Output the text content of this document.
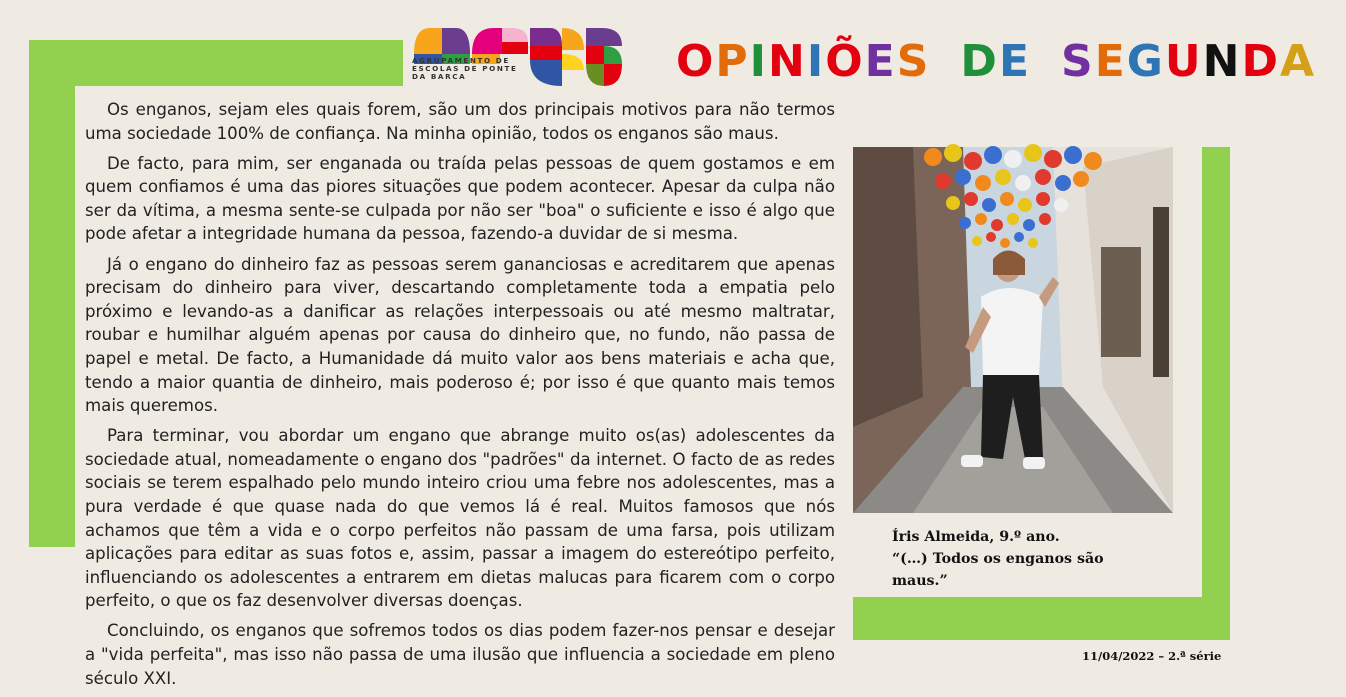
AGRUPAMENTO DE ESCOLAS DE PONTE DA BARCA	OPINIÕES DE SEGUNDA

Os enganos, sejam eles quais forem, são um dos principais motivos para não termos uma sociedade 100% de confiança. Na minha opinião, todos os enganos são maus.

De facto, para mim, ser enganada ou traída pelas pessoas de quem gostamos e em quem confiamos é uma das piores situações que podem acontecer. Apesar da culpa não ser da vítima, a mesma sente-se culpada por não ser "boa" o suficiente e isso é algo que pode afetar a integridade humana da pessoa, fazendo-a duvidar de si mesma.

Já o engano do dinheiro faz as pessoas serem gananciosas e acreditarem que apenas precisam do dinheiro para viver, descartando completamente toda a empatia pelo próximo e levando-as a danificar as relações interpessoais ou até mesmo maltratar, roubar e humilhar alguém apenas por causa do dinheiro que, no fundo, não passa de papel e metal. De facto, a Humanidade dá muito valor aos bens materiais e acha que, tendo a maior quantia de dinheiro, mais poderoso é; por isso é que quanto mais temos mais queremos.

Para terminar, vou abordar um engano que abrange muito os(as) adolescentes da sociedade atual, nomeadamente o engano dos "padrões" da internet. O facto de as redes sociais se terem espalhado pelo mundo inteiro criou uma febre nos adolescentes, mas a pura verdade é que quase nada do que vemos lá é real. Muitos famosos que nós achamos que têm a vida e o corpo perfeitos não passam de uma farsa, pois utilizam aplicações para editar as suas fotos e, assim, passar a imagem do estereótipo perfeito, influenciando os adolescentes a entrarem em dietas malucas para ficarem com o corpo perfeito, o que os faz desenvolver diversas doenças.

Concluindo, os enganos que sofremos todos os dias podem fazer-nos pensar e desejar a "vida perfeita", mas isso não passa de uma ilusão que influencia a sociedade em pleno século XXI.

Íris Almeida, 9.º ano.
“(…) Todos os enganos são maus.”
11/04/2022 – 2.ª série
